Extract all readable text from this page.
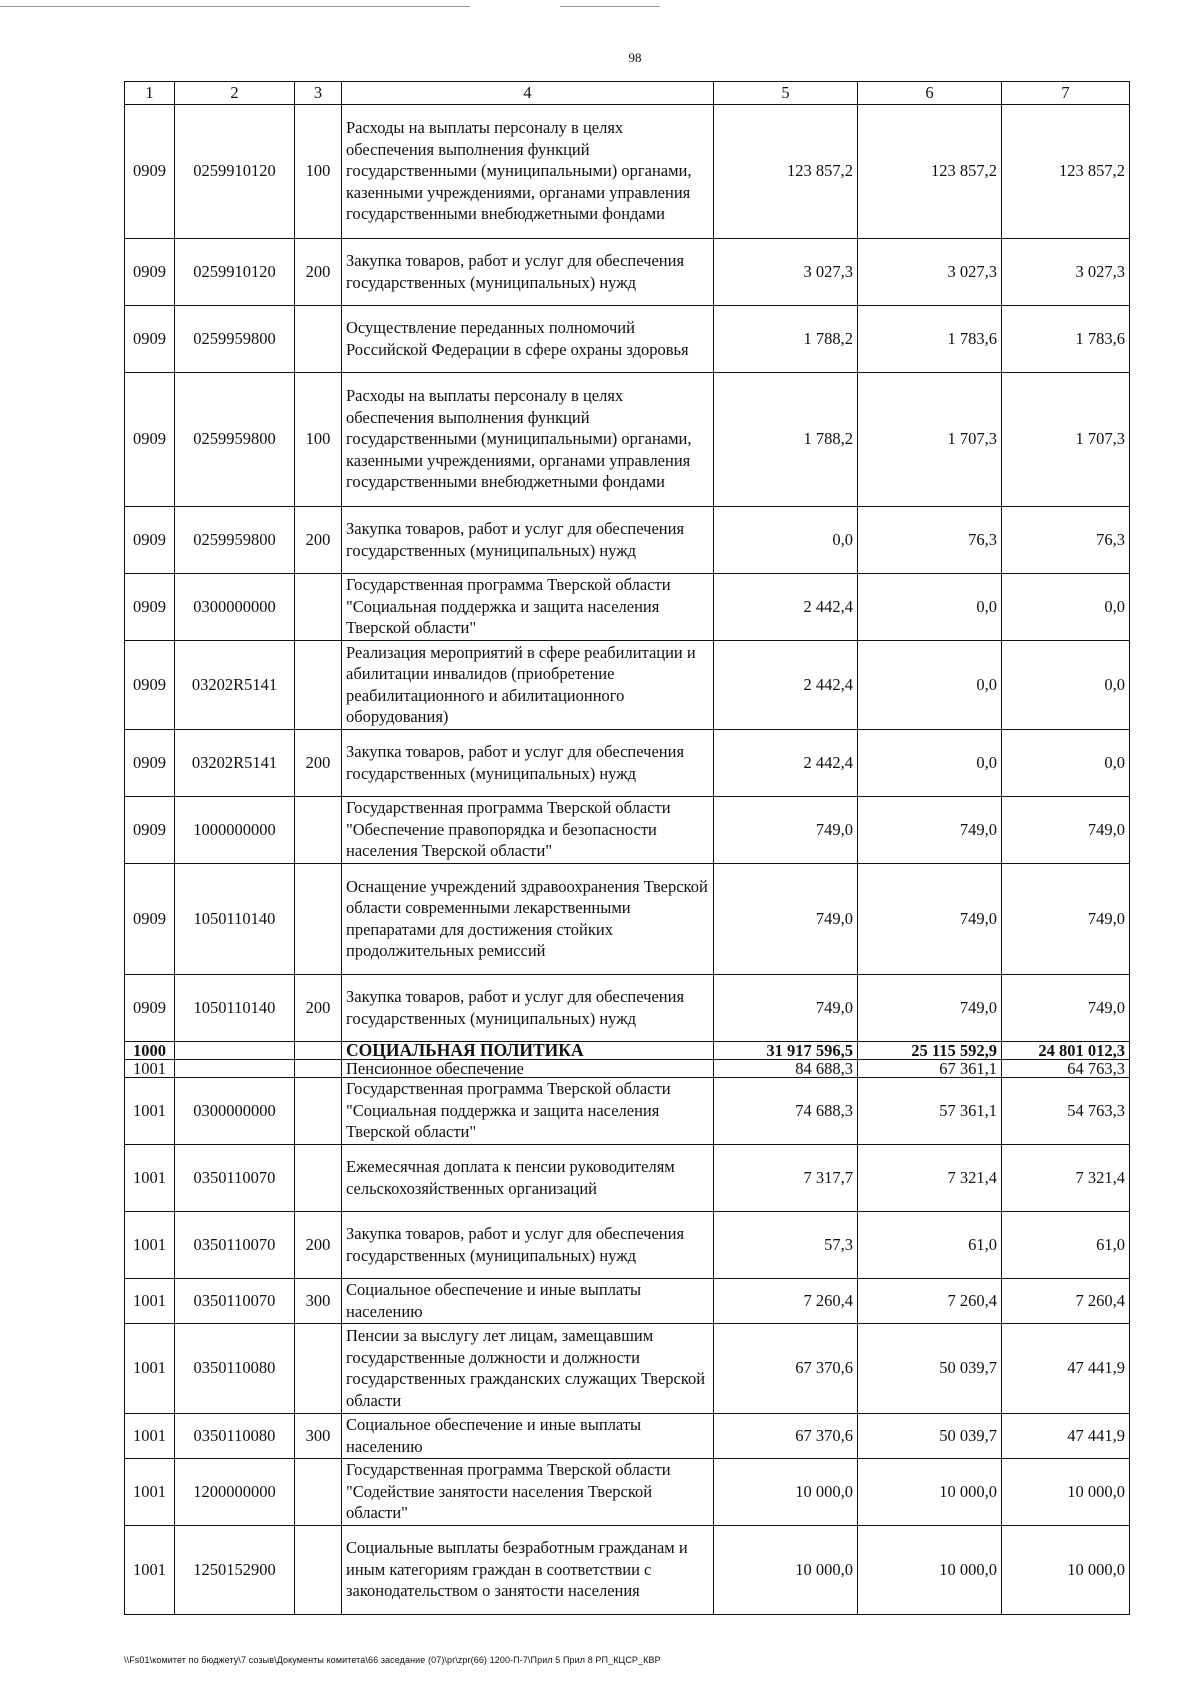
98
1	2	3	4	5	6	7
0909	0259910120	100	Расходы на выплаты персоналу в целях обеспечения выполнения функций государственными (муниципальными) органами, казенными учреждениями, органами управления государственными внебюджетными фондами	123 857,2	123 857,2	123 857,2
0909	0259910120	200	Закупка товаров, работ и услуг для обеспечения государственных (муниципальных) нужд	3 027,3	3 027,3	3 027,3
0909	0259959800		Осуществление переданных полномочий Российской Федерации в сфере охраны здоровья	1 788,2	1 783,6	1 783,6
0909	0259959800	100	Расходы на выплаты персоналу в целях обеспечения выполнения функций государственными (муниципальными) органами, казенными учреждениями, органами управления государственными внебюджетными фондами	1 788,2	1 707,3	1 707,3
0909	0259959800	200	Закупка товаров, работ и услуг для обеспечения государственных (муниципальных) нужд	0,0	76,3	76,3
0909	0300000000		Государственная программа Тверской области "Социальная поддержка и защита населения Тверской области"	2 442,4	0,0	0,0
0909	03202R5141		Реализация мероприятий в сфере реабилитации и абилитации инвалидов (приобретение реабилитационного и абилитационного оборудования)	2 442,4	0,0	0,0
0909	03202R5141	200	Закупка товаров, работ и услуг для обеспечения государственных (муниципальных) нужд	2 442,4	0,0	0,0
0909	1000000000		Государственная программа Тверской области "Обеспечение правопорядка и безопасности населения Тверской области"	749,0	749,0	749,0
0909	1050110140		Оснащение учреждений здравоохранения Тверской области современными лекарственными препаратами для достижения стойких продолжительных ремиссий	749,0	749,0	749,0
0909	1050110140	200	Закупка товаров, работ и услуг для обеспечения государственных (муниципальных) нужд	749,0	749,0	749,0
1000			СОЦИАЛЬНАЯ ПОЛИТИКА	31 917 596,5	25 115 592,9	24 801 012,3
1001			Пенсионное обеспечение	84 688,3	67 361,1	64 763,3
1001	0300000000		Государственная программа Тверской области "Социальная поддержка и защита населения Тверской области"	74 688,3	57 361,1	54 763,3
1001	0350110070		Ежемесячная доплата к пенсии руководителям сельскохозяйственных организаций	7 317,7	7 321,4	7 321,4
1001	0350110070	200	Закупка товаров, работ и услуг для обеспечения государственных (муниципальных) нужд	57,3	61,0	61,0
1001	0350110070	300	Социальное обеспечение и иные выплаты населению	7 260,4	7 260,4	7 260,4
1001	0350110080		Пенсии за выслугу лет лицам, замещавшим государственные должности и должности государственных гражданских служащих Тверской области	67 370,6	50 039,7	47 441,9
1001	0350110080	300	Социальное обеспечение и иные выплаты населению	67 370,6	50 039,7	47 441,9
1001	1200000000		Государственная программа Тверской области "Содействие занятости населения Тверской области"	10 000,0	10 000,0	10 000,0
1001	1250152900		Социальные выплаты безработным гражданам и иным категориям граждан в соответствии с законодательством о занятости населения	10 000,0	10 000,0	10 000,0
\\Fs01\комитет по бюджету\7 созыв\Документы комитета\66 заседание (07)\pr\zpr(66) 1200-П-7\Прил 5 Прил 8 РП_КЦСР_КВР
